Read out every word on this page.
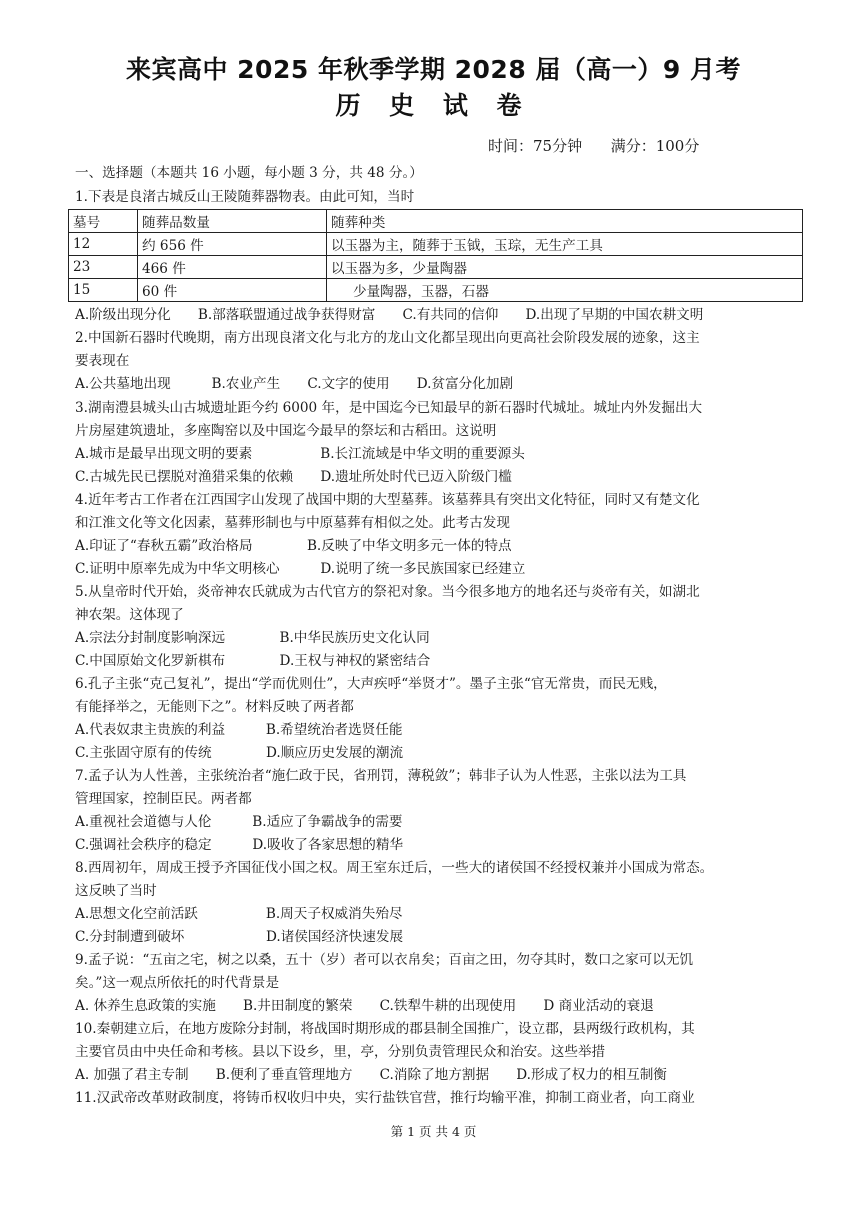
来宾高中 2025 年秋季学期 2028 届（高一）9 月考
历 史 试 卷
时间：75分钟 满分：100分
一、选择题（本题共 16 小题，每小题 3 分，共 48 分。）
1.下表是良渚古城反山王陵随葬器物表。由此可知，当时
墓号	随葬品数量	随葬种类
12	约 656 件	以玉器为主，随葬于玉钺，玉琮，无生产工具
23	466 件	以玉器为多，少量陶器
15	60 件	少量陶器，玉器，石器
A.阶级出现分化　　B.部落联盟通过战争获得财富　　C.有共同的信仰　　D.出现了早期的中国农耕文明
2.中国新石器时代晚期，南方出现良渚文化与北方的龙山文化都呈现出向更高社会阶段发展的迹象，这主
要表现在
A.公共墓地出现　　　B.农业产生　　C.文字的使用　　D.贫富分化加剧
3.湖南澧县城头山古城遗址距今约 6000 年，是中国迄今已知最早的新石器时代城址。城址内外发掘出大
片房屋建筑遗址，多座陶窑以及中国迄今最早的祭坛和古稻田。这说明
A.城市是最早出现文明的要素　　　　　B.长江流域是中华文明的重要源头
C.古城先民已摆脱对渔猎采集的依赖　　D.遗址所处时代已迈入阶级门槛
4.近年考古工作者在江西国字山发现了战国中期的大型墓葬。该墓葬具有突出文化特征，同时又有楚文化
和江淮文化等文化因素，墓葬形制也与中原墓葬有相似之处。此考古发现
A.印证了“春秋五霸”政治格局　　　　B.反映了中华文明多元一体的特点
C.证明中原率先成为中华文明核心　　　D.说明了统一多民族国家已经建立
5.从皇帝时代开始，炎帝神农氏就成为古代官方的祭祀对象。当今很多地方的地名还与炎帝有关，如湖北
神农架。这体现了
A.宗法分封制度影响深远　　　　B.中华民族历史文化认同
C.中国原始文化罗新棋布　　　　D.王权与神权的紧密结合
6.孔子主张“克己复礼”，提出“学而优则仕”，大声疾呼“举贤才”。墨子主张“官无常贵，而民无贱，
有能择举之，无能则下之”。材料反映了两者都
A.代表奴隶主贵族的利益　　　B.希望统治者选贤任能
C.主张固守原有的传统　　　　D.顺应历史发展的潮流
7.孟子认为人性善，主张统治者“施仁政于民，省刑罚，薄税敛”；韩非子认为人性恶，主张以法为工具
管理国家，控制臣民。两者都
A.重视社会道德与人伦　　　B.适应了争霸战争的需要
C.强调社会秩序的稳定　　　D.吸收了各家思想的精华
8.西周初年，周成王授予齐国征伐小国之权。周王室东迁后，一些大的诸侯国不经授权兼并小国成为常态。
这反映了当时
A.思想文化空前活跃　　　　　B.周天子权威消失殆尽
C.分封制遭到破坏　　　　　　D.诸侯国经济快速发展
9.孟子说：“五亩之宅，树之以桑，五十（岁）者可以衣帛矣；百亩之田，勿夺其时，数口之家可以无饥
矣。”这一观点所依托的时代背景是
A. 休养生息政策的实施　　B.井田制度的繁荣　　C.铁犁牛耕的出现使用　　D 商业活动的衰退
10.秦朝建立后，在地方废除分封制，将战国时期形成的郡县制全国推广，设立郡，县两级行政机构，其
主要官员由中央任命和考核。县以下设乡，里，亭，分别负责管理民众和治安。这些举措
A. 加强了君主专制　　B.便利了垂直管理地方　　C.消除了地方割据　　D.形成了权力的相互制衡
11.汉武帝改革财政制度，将铸币权收归中央，实行盐铁官营，推行均输平准，抑制工商业者，向工商业
第 1 页 共 4 页
